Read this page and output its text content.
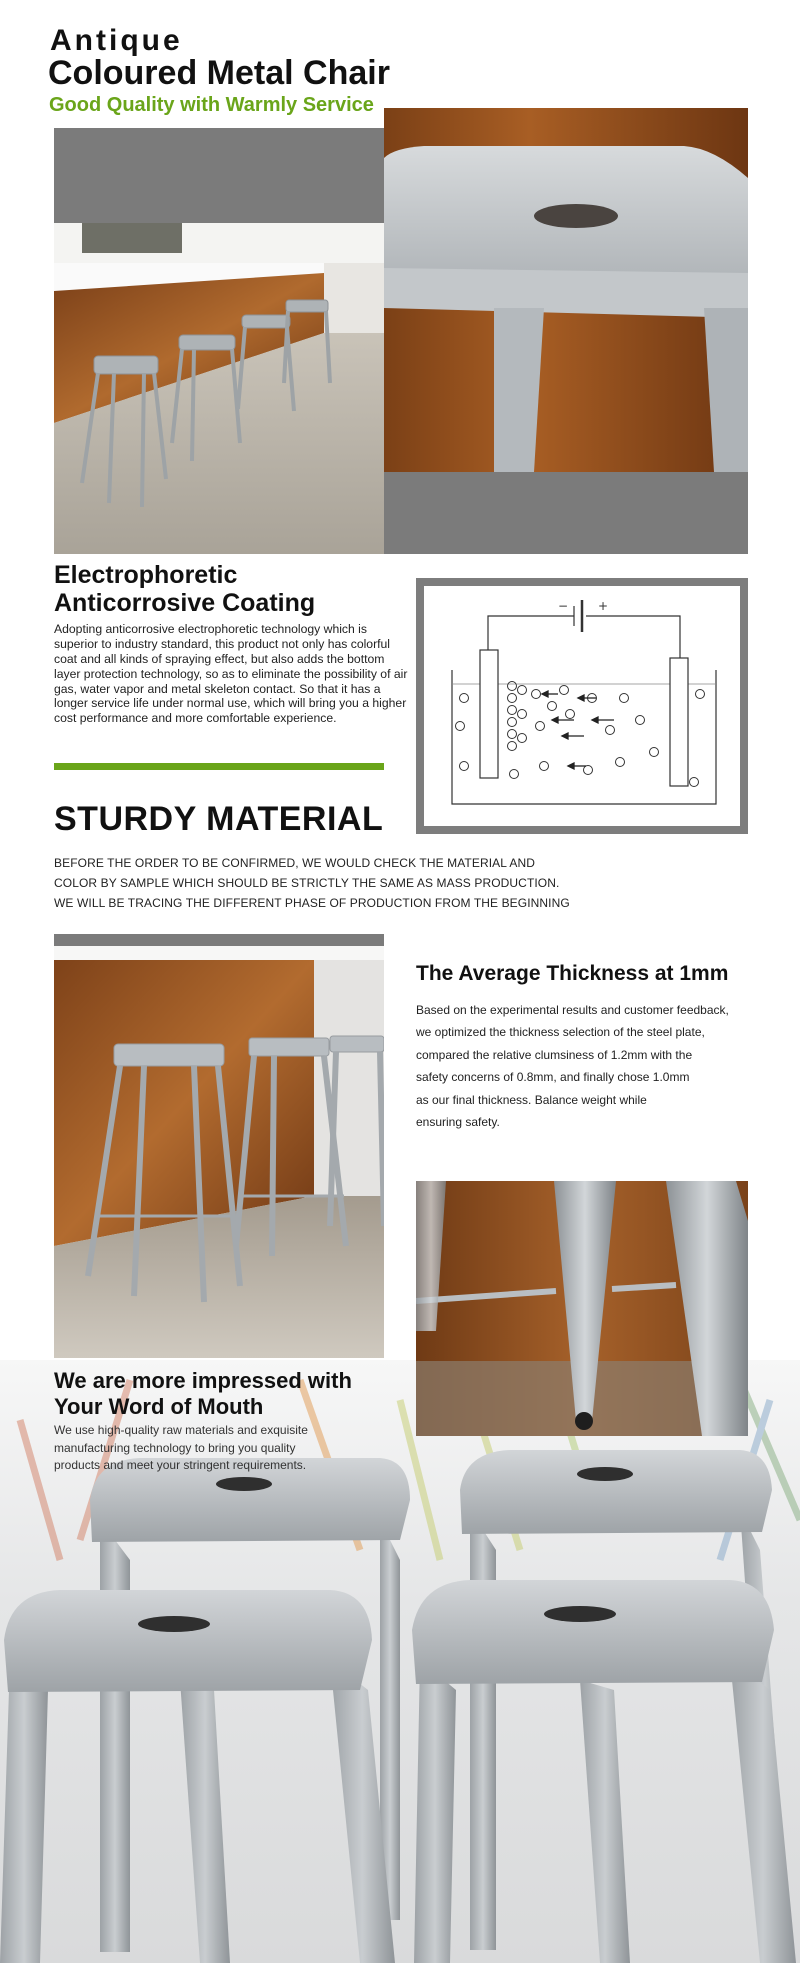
Antique
Coloured Metal Chair
Good Quality with Warmly Service
Electrophoretic
Anticorrosive Coating
Adopting anticorrosive electrophoretic technology which is superior to industry standard, this product not only has colorful coat and all kinds of spraying effect, but also adds the bottom layer protection technology, so as to eliminate the possibility of air gas, water vapor and metal skeleton contact. So that it has a longer service life under normal use, which will bring you a higher cost performance and more comfortable experience.
− +
STURDY MATERIAL
BEFORE THE ORDER TO BE CONFIRMED, WE WOULD CHECK THE MATERIAL AND
COLOR BY SAMPLE WHICH SHOULD BE STRICTLY THE SAME AS MASS PRODUCTION.
WE WILL BE TRACING THE DIFFERENT PHASE OF PRODUCTION FROM THE BEGINNING
The Average Thickness at 1mm
Based on the experimental results and customer feedback,
we optimized the thickness selection of the steel plate,
compared the relative clumsiness of 1.2mm with the
safety concerns of 0.8mm, and finally chose 1.0mm
as our final thickness. Balance weight while
ensuring safety.
We are more impressed with
Your Word of Mouth
We use high-quality raw materials and exquisite
manufacturing technology to bring you quality
products and meet your stringent requirements.
